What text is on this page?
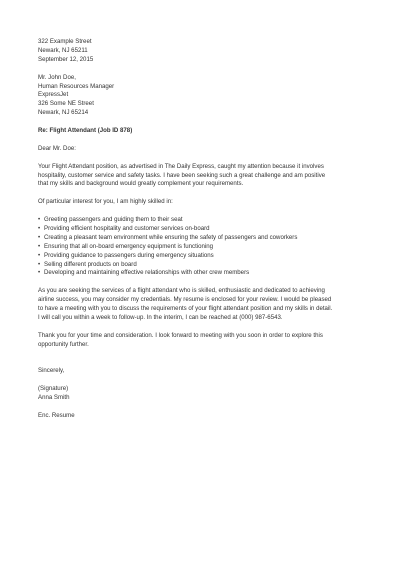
322 Example Street
Newark, NJ 65211
September 12, 2015
Mr. John Doe,
Human Resources Manager
ExpressJet
326 Some NE Street
Newark, NJ 65214
Re: Flight Attendant (Job ID 878)
Dear Mr. Doe:
Your Flight Attendant position, as advertised in The Daily Express, caught my attention because it involves
hospitality, customer service and safety tasks. I have been seeking such a great challenge and am positive
that my skills and background would greatly complement your requirements.
Of particular interest for you, I am highly skilled in:
• Greeting passengers and guiding them to their seat
• Providing efficient hospitality and customer services on-board
• Creating a pleasant team environment while ensuring the safety of passengers and coworkers
• Ensuring that all on-board emergency equipment is functioning
• Providing guidance to passengers during emergency situations
• Selling different products on board
• Developing and maintaining effective relationships with other crew members
As you are seeking the services of a flight attendant who is skilled, enthusiastic and dedicated to achieving
airline success, you may consider my credentials. My resume is enclosed for your review. I would be pleased
to have a meeting with you to discuss the requirements of your flight attendant position and my skills in detail.
I will call you within a week to follow-up. In the interim, I can be reached at (000) 987-6543.
Thank you for your time and consideration. I look forward to meeting with you soon in order to explore this
opportunity further.
Sincerely,
(Signature)
Anna Smith
Enc. Resume
